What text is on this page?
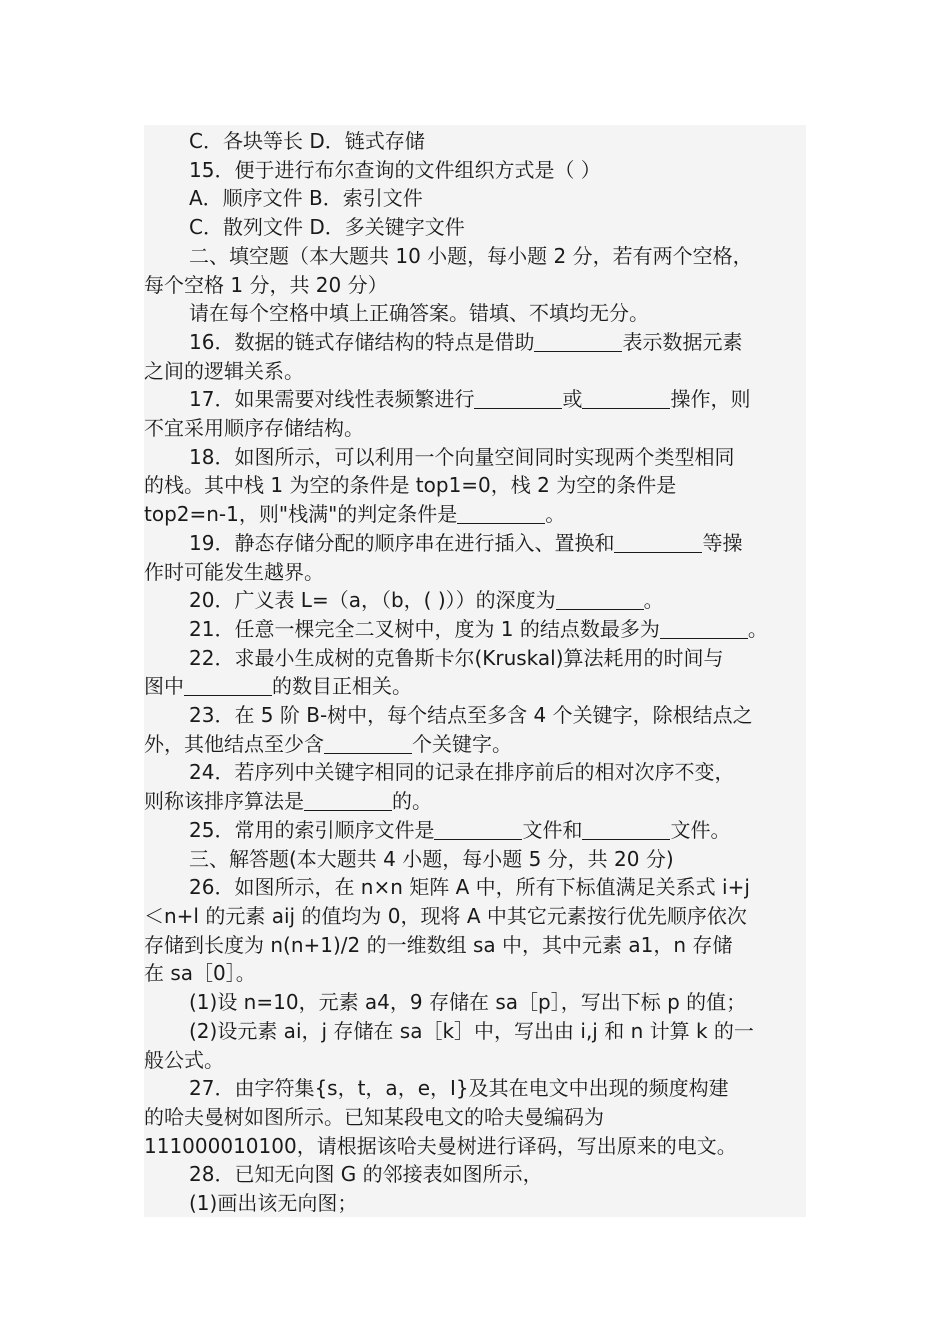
C．各块等长 D．链式存储

15．便于进行布尔查询的文件组织方式是（ ）

A．顺序文件 B．索引文件

C．散列文件 D．多关键字文件

二、填空题（本大题共 10 小题，每小题 2 分，若有两个空格，

每个空格 1 分，共 20 分）

请在每个空格中填上正确答案。错填、不填均无分。

16．数据的链式存储结构的特点是借助	表示数据元素

之间的逻辑关系。

17．如果需要对线性表频繁进行	或	操作，则

不宜采用顺序存储结构。

18．如图所示，可以利用一个向量空间同时实现两个类型相同

的栈。其中栈 1 为空的条件是 top1=0，栈 2 为空的条件是

top2=n-1，则"栈满"的判定条件是	。

19．静态存储分配的顺序串在进行插入、置换和	等操

作时可能发生越界。

20．广义表 L=（a，（b，( )））的深度为	。

21．任意一棵完全二叉树中，度为 1 的结点数最多为	。

22．求最小生成树的克鲁斯卡尔(Kruskal)算法耗用的时间与

图中	的数目正相关。

23．在 5 阶 B-树中，每个结点至多含 4 个关键字，除根结点之

外，其他结点至少含	个关键字。

24．若序列中关键字相同的记录在排序前后的相对次序不变，

则称该排序算法是	的。

25．常用的索引顺序文件是	文件和	文件。

三、解答题(本大题共 4 小题，每小题 5 分，共 20 分)

26．如图所示，在 n×n 矩阵 A 中，所有下标值满足关系式 i+j

＜n+l 的元素 aij 的值均为 0，现将 A 中其它元素按行优先顺序依次

存储到长度为 n(n+1)/2 的一维数组 sa 中，其中元素 a1，n 存储

在 sa［0］。

(1)设 n=10，元素 a4，9 存储在 sa［p］，写出下标 p 的值；

(2)设元素 ai，j 存储在 sa［k］中，写出由 i,j 和 n 计算 k 的一

般公式。

27．由字符集{s，t，a，e，I}及其在电文中出现的频度构建

的哈夫曼树如图所示。已知某段电文的哈夫曼编码为

111000010100，请根据该哈夫曼树进行译码，写出原来的电文。

28．已知无向图 G 的邻接表如图所示，

(1)画出该无向图；
